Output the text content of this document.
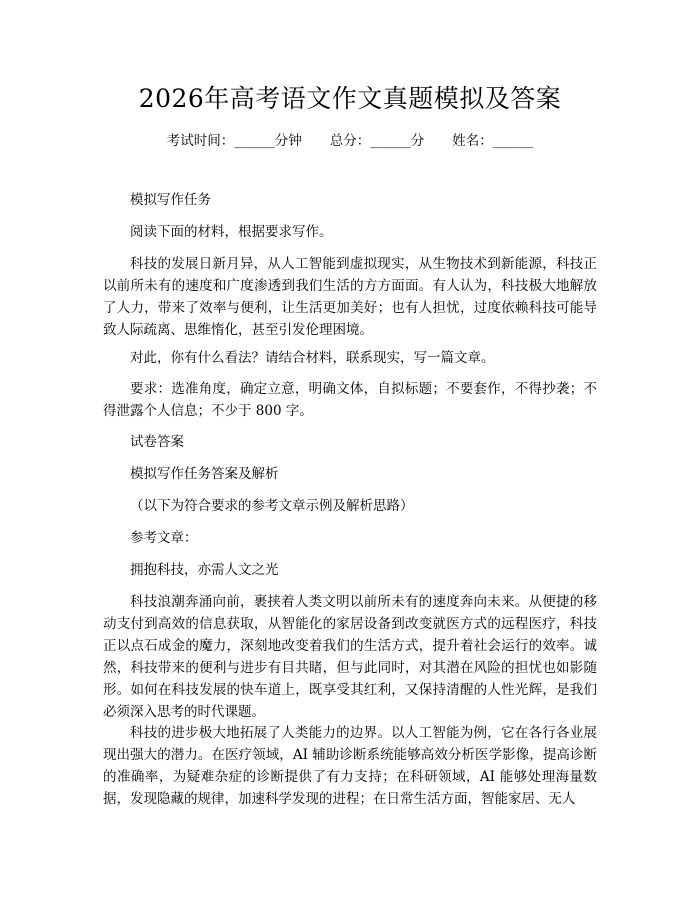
2026年高考语文作文真题模拟及答案
考试时间：______分钟 总分：______分 姓名：______

模拟写作任务

阅读下面的材料，根据要求写作。

科技的发展日新月异，从人工智能到虚拟现实，从生物技术到新能源，科技正以前所未有的速度和广度渗透到我们生活的方方面面。有人认为，科技极大地解放了人力，带来了效率与便利，让生活更加美好；也有人担忧，过度依赖科技可能导致人际疏离、思维惰化，甚至引发伦理困境。

对此，你有什么看法？请结合材料，联系现实，写一篇文章。

要求：选准角度，确定立意，明确文体，自拟标题；不要套作，不得抄袭；不得泄露个人信息；不少于 800 字。

试卷答案

模拟写作任务答案及解析

（以下为符合要求的参考文章示例及解析思路）

参考文章：

拥抱科技，亦需人文之光

科技浪潮奔涌向前，裹挟着人类文明以前所未有的速度奔向未来。从便捷的移动支付到高效的信息获取，从智能化的家居设备到改变就医方式的远程医疗，科技正以点石成金的魔力，深刻地改变着我们的生活方式，提升着社会运行的效率。诚然，科技带来的便利与进步有目共睹，但与此同时，对其潜在风险的担忧也如影随形。如何在科技发展的快车道上，既享受其红利，又保持清醒的人性光辉，是我们必须深入思考的时代课题。

科技的进步极大地拓展了人类能力的边界。以人工智能为例，它在各行各业展现出强大的潜力。在医疗领域，AI 辅助诊断系统能够高效分析医学影像，提高诊断的准确率，为疑难杂症的诊断提供了有力支持；在科研领域，AI 能够处理海量数据，发现隐藏的规律，加速科学发现的进程；在日常生活方面，智能家居、无人
